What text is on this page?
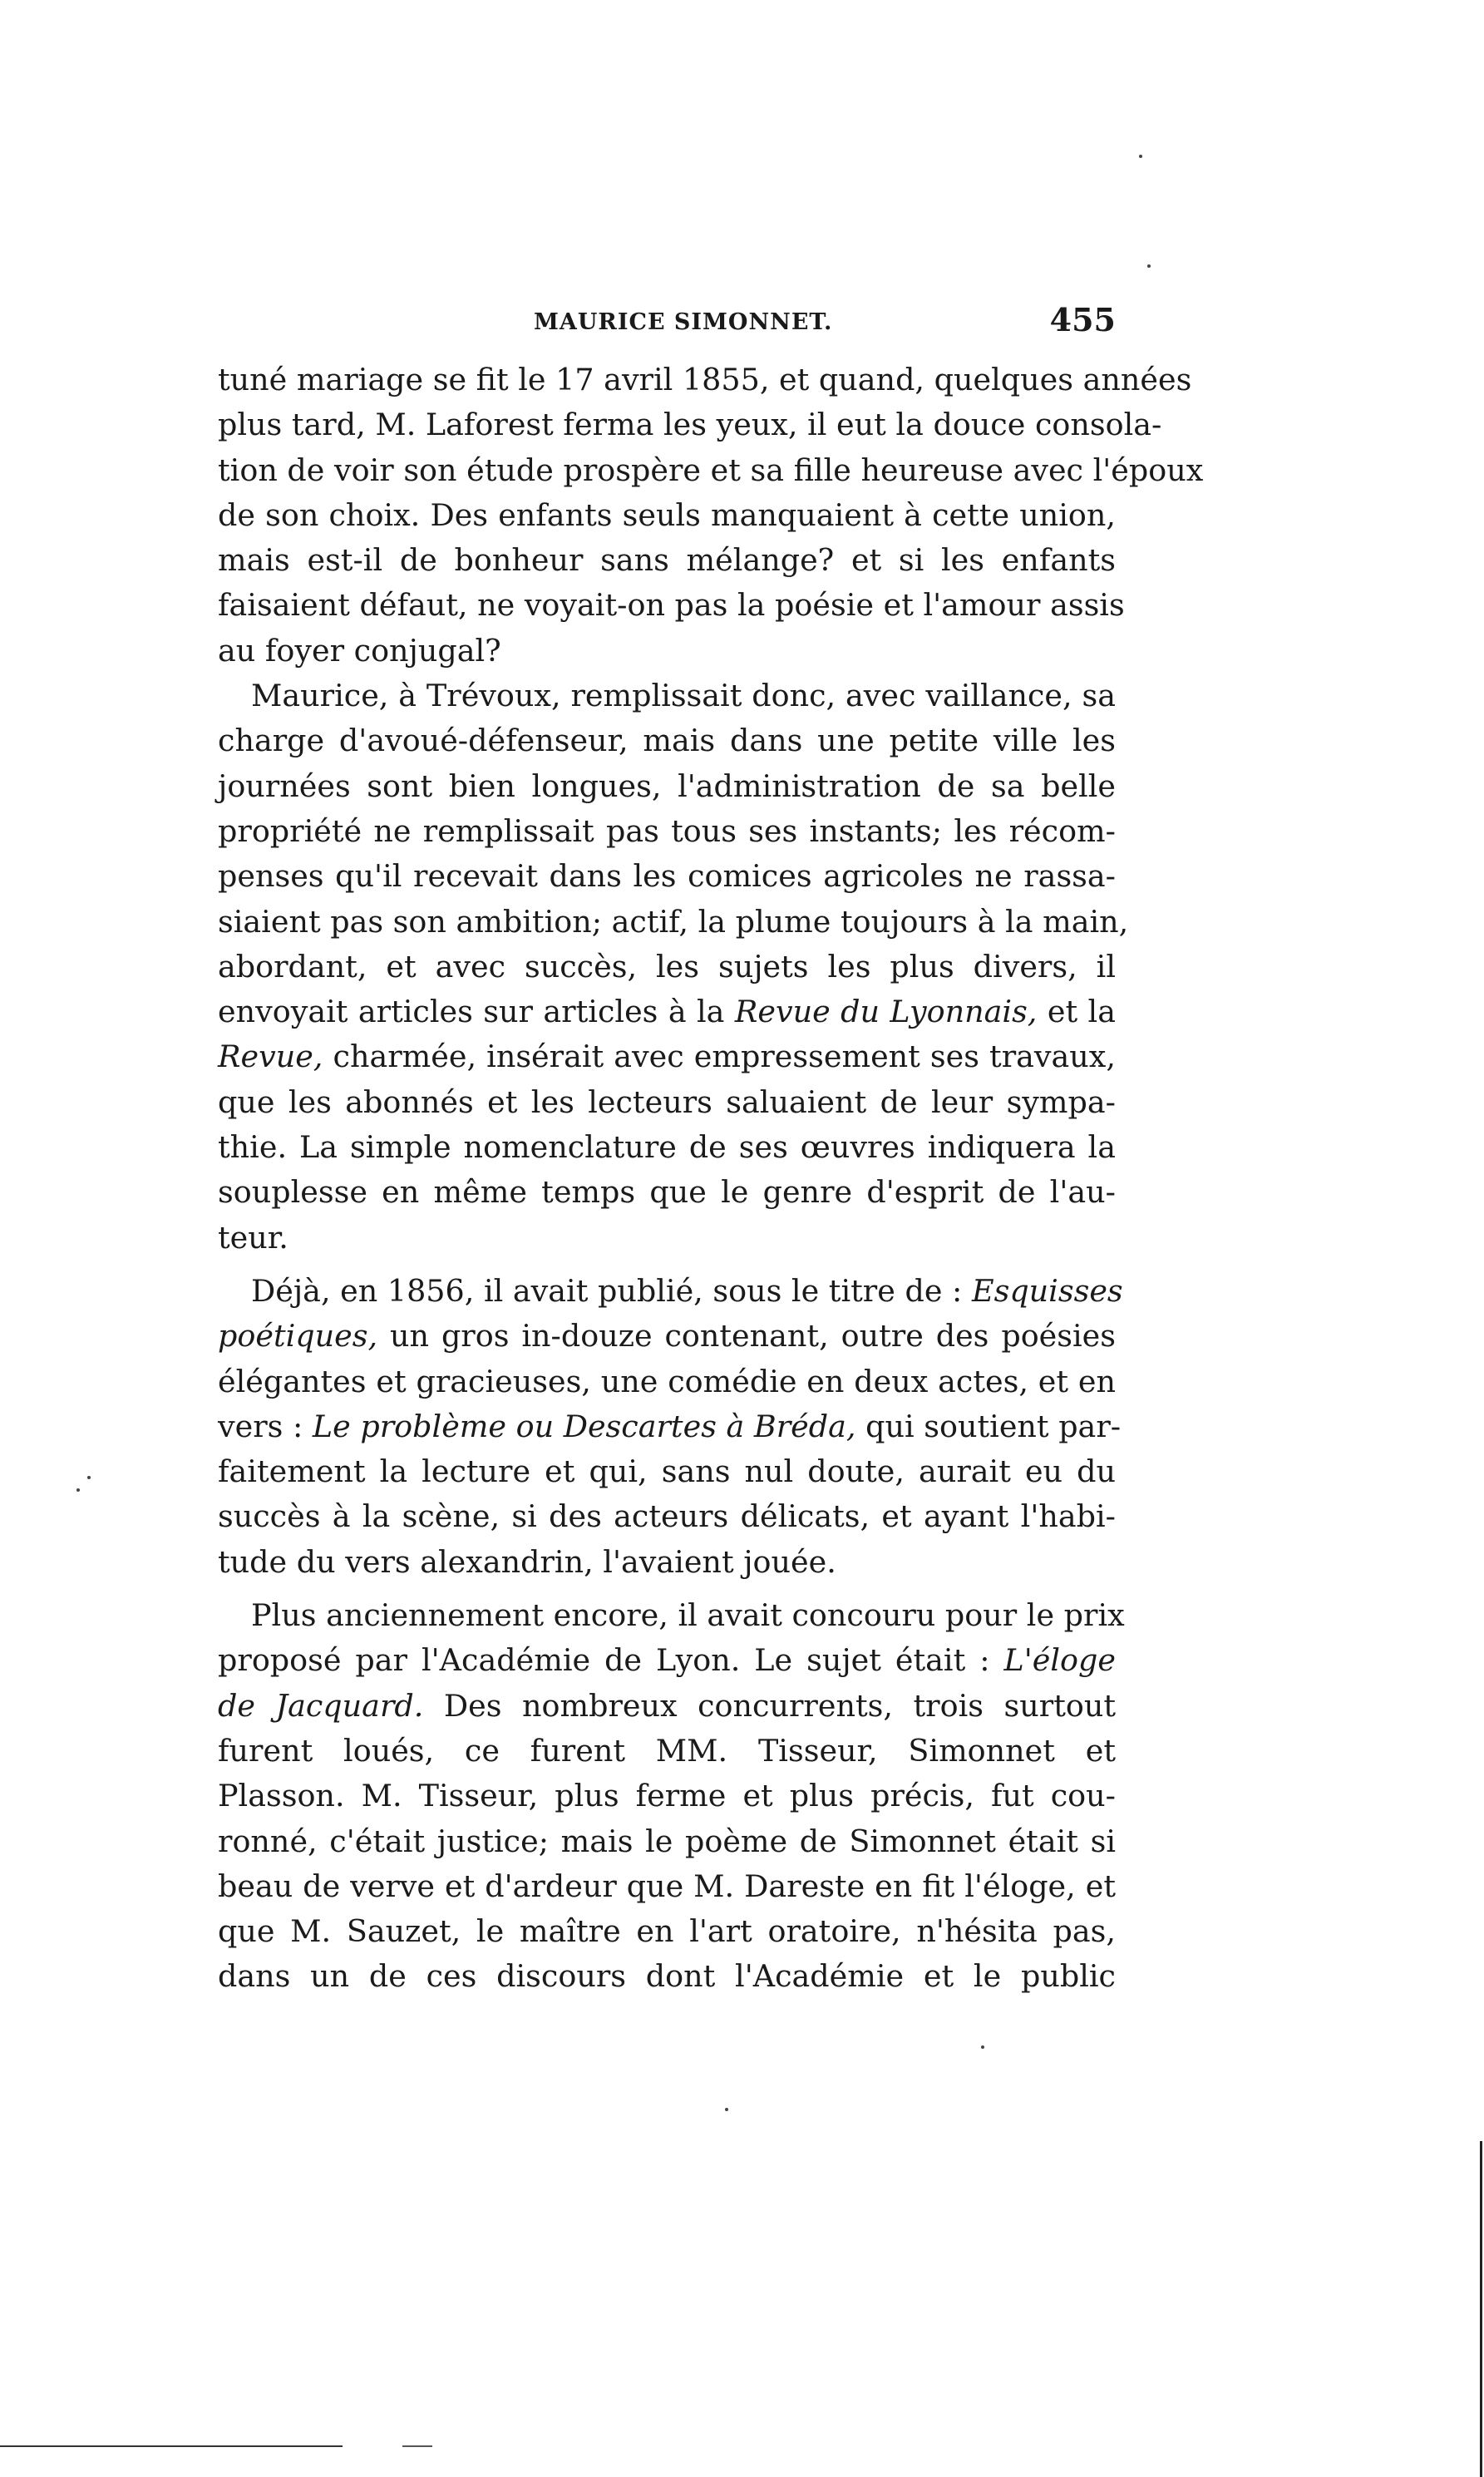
MAURICE SIMONNET.	455
tuné mariage se fit le 17 avril 1855, et quand, quelques années
plus tard, M. Laforest ferma les yeux, il eut la douce consola-
tion de voir son étude prospère et sa fille heureuse avec l'époux
de son choix. Des enfants seuls manquaient à cette union,
mais est-il de bonheur sans mélange? et si les enfants
faisaient défaut, ne voyait-on pas la poésie et l'amour assis
au foyer conjugal?
Maurice, à Trévoux, remplissait donc, avec vaillance, sa
charge d'avoué-défenseur, mais dans une petite ville les
journées sont bien longues, l'administration de sa belle
propriété ne remplissait pas tous ses instants; les récom-
penses qu'il recevait dans les comices agricoles ne rassa-
siaient pas son ambition; actif, la plume toujours à la main,
abordant, et avec succès, les sujets les plus divers, il
envoyait articles sur articles à la Revue du Lyonnais, et la
Revue, charmée, insérait avec empressement ses travaux,
que les abonnés et les lecteurs saluaient de leur sympa-
thie. La simple nomenclature de ses œuvres indiquera la
souplesse en même temps que le genre d'esprit de l'au-
teur.
Déjà, en 1856, il avait publié, sous le titre de : Esquisses
poétiques, un gros in-douze contenant, outre des poésies
élégantes et gracieuses, une comédie en deux actes, et en
vers : Le problème ou Descartes à Bréda, qui soutient par-
faitement la lecture et qui, sans nul doute, aurait eu du
succès à la scène, si des acteurs délicats, et ayant l'habi-
tude du vers alexandrin, l'avaient jouée.
Plus anciennement encore, il avait concouru pour le prix
proposé par l'Académie de Lyon. Le sujet était : L'éloge
de Jacquard. Des nombreux concurrents, trois surtout
furent loués, ce furent MM. Tisseur, Simonnet et
Plasson. M. Tisseur, plus ferme et plus précis, fut cou-
ronné, c'était justice; mais le poème de Simonnet était si
beau de verve et d'ardeur que M. Dareste en fit l'éloge, et
que M. Sauzet, le maître en l'art oratoire, n'hésita pas,
dans un de ces discours dont l'Académie et le public
